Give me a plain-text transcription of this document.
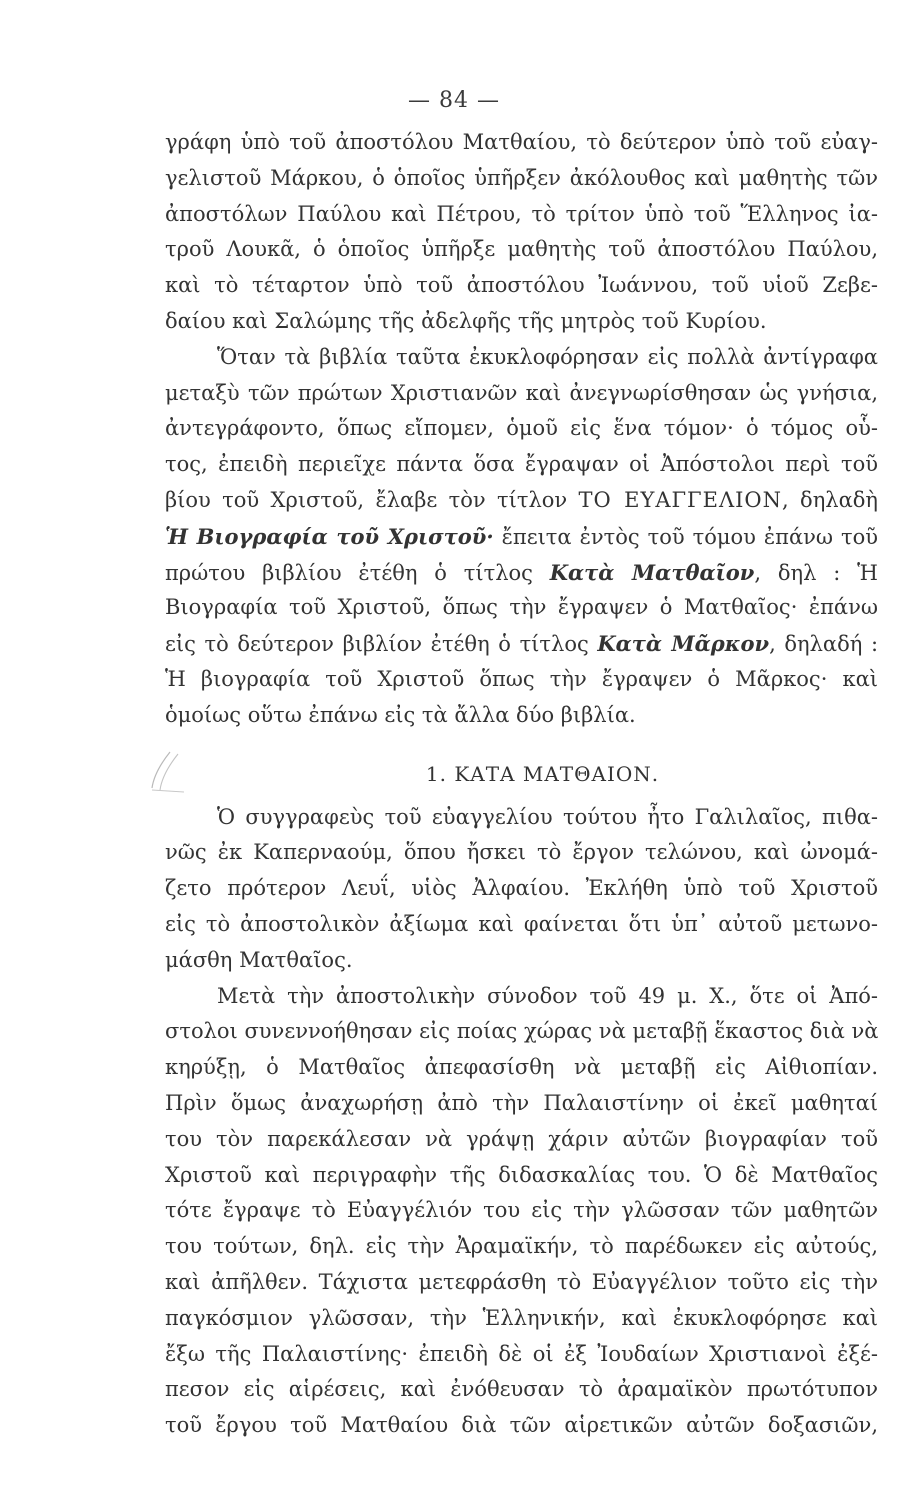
— 84 —
γράφη ὑπὸ τοῦ ἀποστόλου Ματθαίου, τὸ δεύτερον ὑπὸ τοῦ εὐαγ-
γελιστοῦ Μάρκου, ὁ ὁποῖος ὑπῆρξεν ἀκόλουθος καὶ μαθητὴς τῶν
ἀποστόλων Παύλου καὶ Πέτρου, τὸ τρίτον ὑπὸ τοῦ Ἕλληνος ἰα-
τροῦ Λουκᾶ, ὁ ὁποῖος ὑπῆρξε μαθητὴς τοῦ ἀποστόλου Παύλου,
καὶ τὸ τέταρτον ὑπὸ τοῦ ἀποστόλου Ἰωάννου, τοῦ υἱοῦ Ζεβε-
δαίου καὶ Σαλώμης τῆς ἀδελφῆς τῆς μητρὸς τοῦ Κυρίου.
Ὅταν τὰ βιβλία ταῦτα ἐκυκλοφόρησαν εἰς πολλὰ ἀντίγραφα
μεταξὺ τῶν πρώτων Χριστιανῶν καὶ ἀνεγνωρίσθησαν ὡς γνήσια,
ἀντεγράφοντο, ὅπως εἴπομεν, ὁμοῦ εἰς ἕνα τόμον· ὁ τόμος οὗ-
τος, ἐπειδὴ περιεῖχε πάντα ὅσα ἔγραψαν οἱ Ἀπόστολοι περὶ τοῦ
βίου τοῦ Χριστοῦ, ἔλαβε τὸν τίτλον ΤΟ ΕΥΑΓΓΕΛΙΟΝ, δηλαδὴ
Ἡ Βιογραφία τοῦ Χριστοῦ· ἔπειτα ἐντὸς τοῦ τόμου ἐπάνω τοῦ
πρώτου βιβλίου ἐτέθη ὁ τίτλος Κατὰ Ματθαῖον, δηλ : Ἡ
Βιογραφία τοῦ Χριστοῦ, ὅπως τὴν ἔγραψεν ὁ Ματθαῖος· ἐπάνω
εἰς τὸ δεύτερον βιβλίον ἐτέθη ὁ τίτλος Κατὰ Μᾶρκον, δηλαδή :
Ἡ βιογραφία τοῦ Χριστοῦ ὅπως τὴν ἔγραψεν ὁ Μᾶρκος· καὶ
ὁμοίως οὕτω ἐπάνω εἰς τὰ ἄλλα δύο βιβλία.
1. ΚΑΤΑ ΜΑΤΘΑΙΟΝ.
Ὁ συγγραφεὺς τοῦ εὐαγγελίου τούτου ἦτο Γαλιλαῖος, πιθα-
νῶς ἐκ Καπερναούμ, ὅπου ἤσκει τὸ ἔργον τελώνου, καὶ ὠνομά-
ζετο πρότερον Λευΐ, υἱὸς Ἀλφαίου. Ἐκλήθη ὑπὸ τοῦ Χριστοῦ
εἰς τὸ ἀποστολικὸν ἀξίωμα καὶ φαίνεται ὅτι ὑπ᾽ αὐτοῦ μετωνο-
μάσθη Ματθαῖος.
Μετὰ τὴν ἀποστολικὴν σύνοδον τοῦ 49 μ. Χ., ὅτε οἱ Ἀπό-
στολοι συνεννοήθησαν εἰς ποίας χώρας νὰ μεταβῇ ἕκαστος διὰ νὰ
κηρύξῃ, ὁ Ματθαῖος ἀπεφασίσθη νὰ μεταβῇ εἰς Αἰθιοπίαν.
Πρὶν ὅμως ἀναχωρήσῃ ἀπὸ τὴν Παλαιστίνην οἱ ἐκεῖ μαθηταί
του τὸν παρεκάλεσαν νὰ γράψῃ χάριν αὐτῶν βιογραφίαν τοῦ
Χριστοῦ καὶ περιγραφὴν τῆς διδασκαλίας του. Ὁ δὲ Ματθαῖος
τότε ἔγραψε τὸ Εὐαγγέλιόν του εἰς τὴν γλῶσσαν τῶν μαθητῶν
του τούτων, δηλ. εἰς τὴν Ἀραμαϊκήν, τὸ παρέδωκεν εἰς αὐτούς,
καὶ ἀπῆλθεν. Τάχιστα μετεφράσθη τὸ Εὐαγγέλιον τοῦτο εἰς τὴν
παγκόσμιον γλῶσσαν, τὴν Ἑλληνικήν, καὶ ἐκυκλοφόρησε καὶ
ἔξω τῆς Παλαιστίνης· ἐπειδὴ δὲ οἱ ἐξ Ἰουδαίων Χριστιανοὶ ἐξέ-
πεσον εἰς αἱρέσεις, καὶ ἐνόθευσαν τὸ ἀραμαϊκὸν πρωτότυπον
τοῦ ἔργου τοῦ Ματθαίου διὰ τῶν αἱρετικῶν αὐτῶν δοξασιῶν,
